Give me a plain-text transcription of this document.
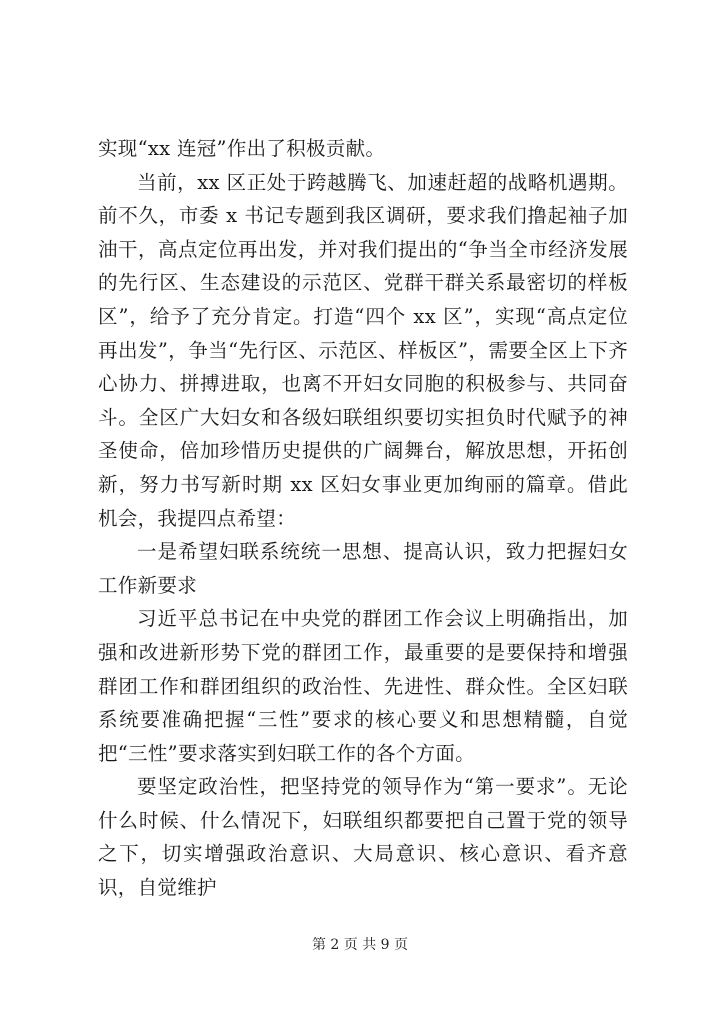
实现“xx 连冠”作出了积极贡献。

当前，xx 区正处于跨越腾飞、加速赶超的战略机遇期。前不久，市委 x 书记专题到我区调研，要求我们撸起袖子加油干，高点定位再出发，并对我们提出的“争当全市经济发展的先行区、生态建设的示范区、党群干群关系最密切的样板区”，给予了充分肯定。打造“四个 xx 区”，实现“高点定位再出发”，争当“先行区、示范区、样板区”，需要全区上下齐心协力、拼搏进取，也离不开妇女同胞的积极参与、共同奋斗。全区广大妇女和各级妇联组织要切实担负时代赋予的神圣使命，倍加珍惜历史提供的广阔舞台，解放思想，开拓创新，努力书写新时期 xx 区妇女事业更加绚丽的篇章。借此机会，我提四点希望：

一是希望妇联系统统一思想、提高认识，致力把握妇女工作新要求

习近平总书记在中央党的群团工作会议上明确指出，加强和改进新形势下党的群团工作，最重要的是要保持和增强群团工作和群团组织的政治性、先进性、群众性。全区妇联系统要准确把握“三性”要求的核心要义和思想精髓，自觉把“三性”要求落实到妇联工作的各个方面。

要坚定政治性，把坚持党的领导作为“第一要求”。无论什么时候、什么情况下，妇联组织都要把自己置于党的领导之下，切实增强政治意识、大局意识、核心意识、看齐意识，自觉维护

第 2 页 共 9 页
